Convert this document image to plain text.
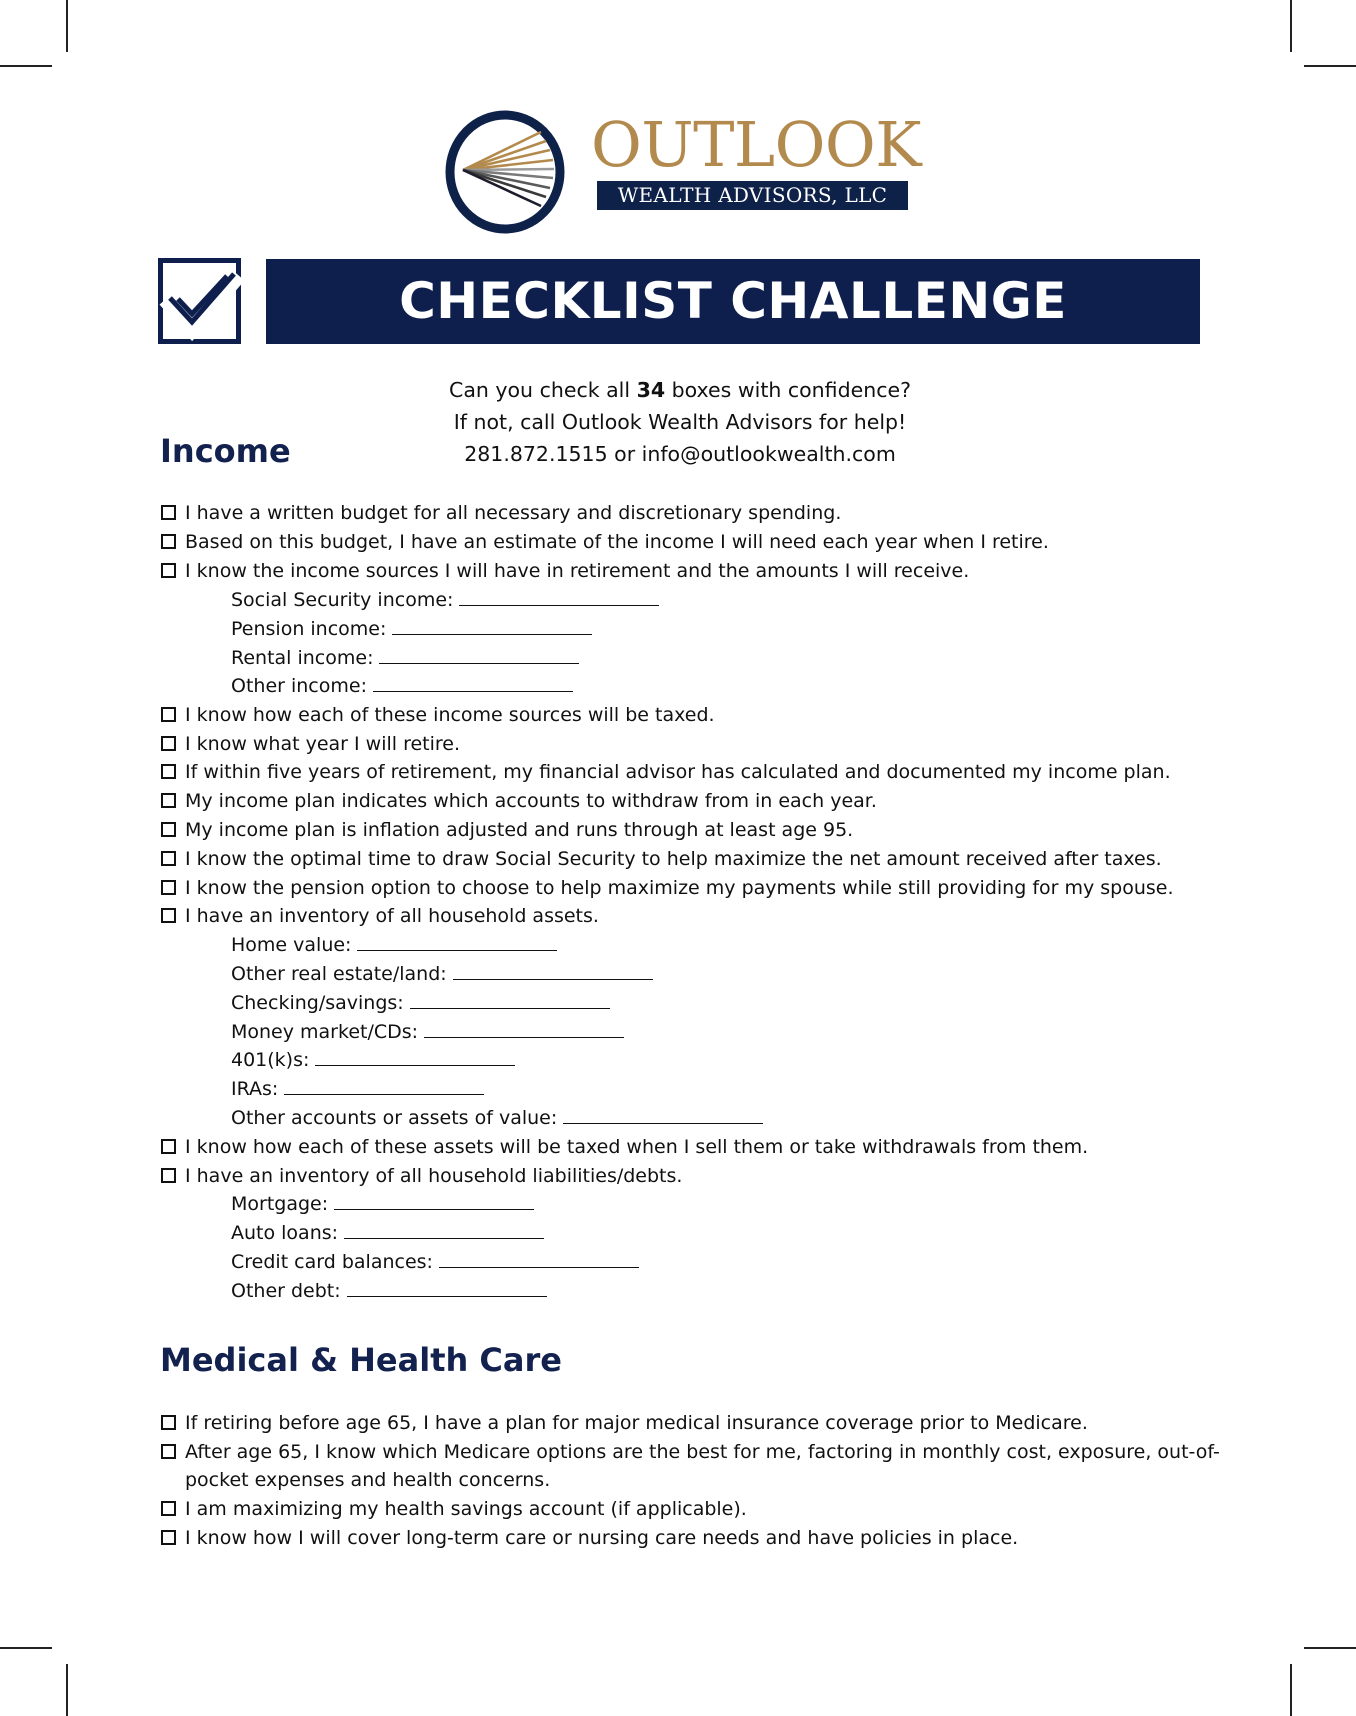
OUTLOOK
WEALTH ADVISORS, LLC
CHECKLIST CHALLENGE

Can you check all 34 boxes with confidence?

If not, call Outlook Wealth Advisors for help!

281.872.1515 or info@outlookwealth.com

Income
I have a written budget for all necessary and discretionary spending.
Based on this budget, I have an estimate of the income I will need each year when I retire.
I know the income sources I will have in retirement and the amounts I will receive.
Social Security income:
Pension income:
Rental income:
Other income:
I know how each of these income sources will be taxed.
I know what year I will retire.
If within five years of retirement, my financial advisor has calculated and documented my income plan.
My income plan indicates which accounts to withdraw from in each year.
My income plan is inflation adjusted and runs through at least age 95.
I know the optimal time to draw Social Security to help maximize the net amount received after taxes.
I know the pension option to choose to help maximize my payments while still providing for my spouse.
I have an inventory of all household assets.
Home value:
Other real estate/land:
Checking/savings:
Money market/CDs:
401(k)s:
IRAs:
Other accounts or assets of value:
I know how each of these assets will be taxed when I sell them or take withdrawals from them.
I have an inventory of all household liabilities/debts.
Mortgage:
Auto loans:
Credit card balances:
Other debt:
Medical & Health Care
If retiring before age 65, I have a plan for major medical insurance coverage prior to Medicare.
After age 65, I know which Medicare options are the best for me, factoring in monthly cost, exposure, out-of-
pocket expenses and health concerns.
I am maximizing my health savings account (if applicable).
I know how I will cover long-term care or nursing care needs and have policies in place.
